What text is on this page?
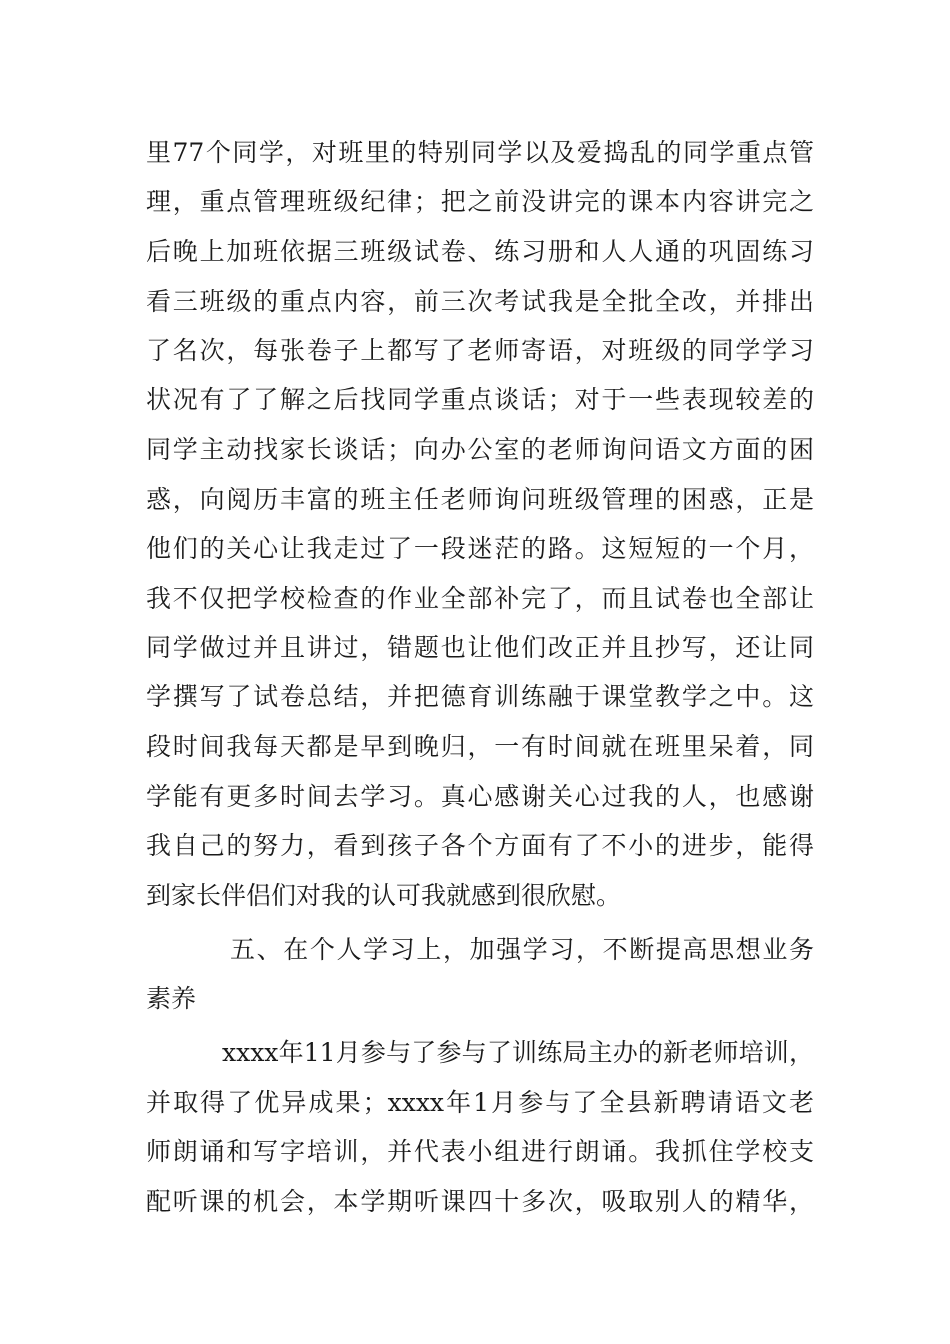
里77个同学，对班里的特别同学以及爱捣乱的同学重点管
理，重点管理班级纪律；把之前没讲完的课本内容讲完之
后晚上加班依据三班级试卷、练习册和人人通的巩固练习
看三班级的重点内容，前三次考试我是全批全改，并排出
了名次，每张卷子上都写了老师寄语，对班级的同学学习
状况有了了解之后找同学重点谈话；对于一些表现较差的
同学主动找家长谈话；向办公室的老师询问语文方面的困
惑，向阅历丰富的班主任老师询问班级管理的困惑，正是
他们的关心让我走过了一段迷茫的路。这短短的一个月，
我不仅把学校检查的作业全部补完了，而且试卷也全部让
同学做过并且讲过，错题也让他们改正并且抄写，还让同
学撰写了试卷总结，并把德育训练融于课堂教学之中。这
段时间我每天都是早到晚归，一有时间就在班里呆着，同
学能有更多时间去学习。真心感谢关心过我的人，也感谢
我自己的努力，看到孩子各个方面有了不小的进步，能得
到家长伴侣们对我的认可我就感到很欣慰。
五、在个人学习上，加强学习，不断提高思想业务
素养
xxxx年11月参与了参与了训练局主办的新老师培训，
并取得了优异成果；xxxx年1月参与了全县新聘请语文老
师朗诵和写字培训，并代表小组进行朗诵。我抓住学校支
配听课的机会，本学期听课四十多次，吸取别人的精华，
